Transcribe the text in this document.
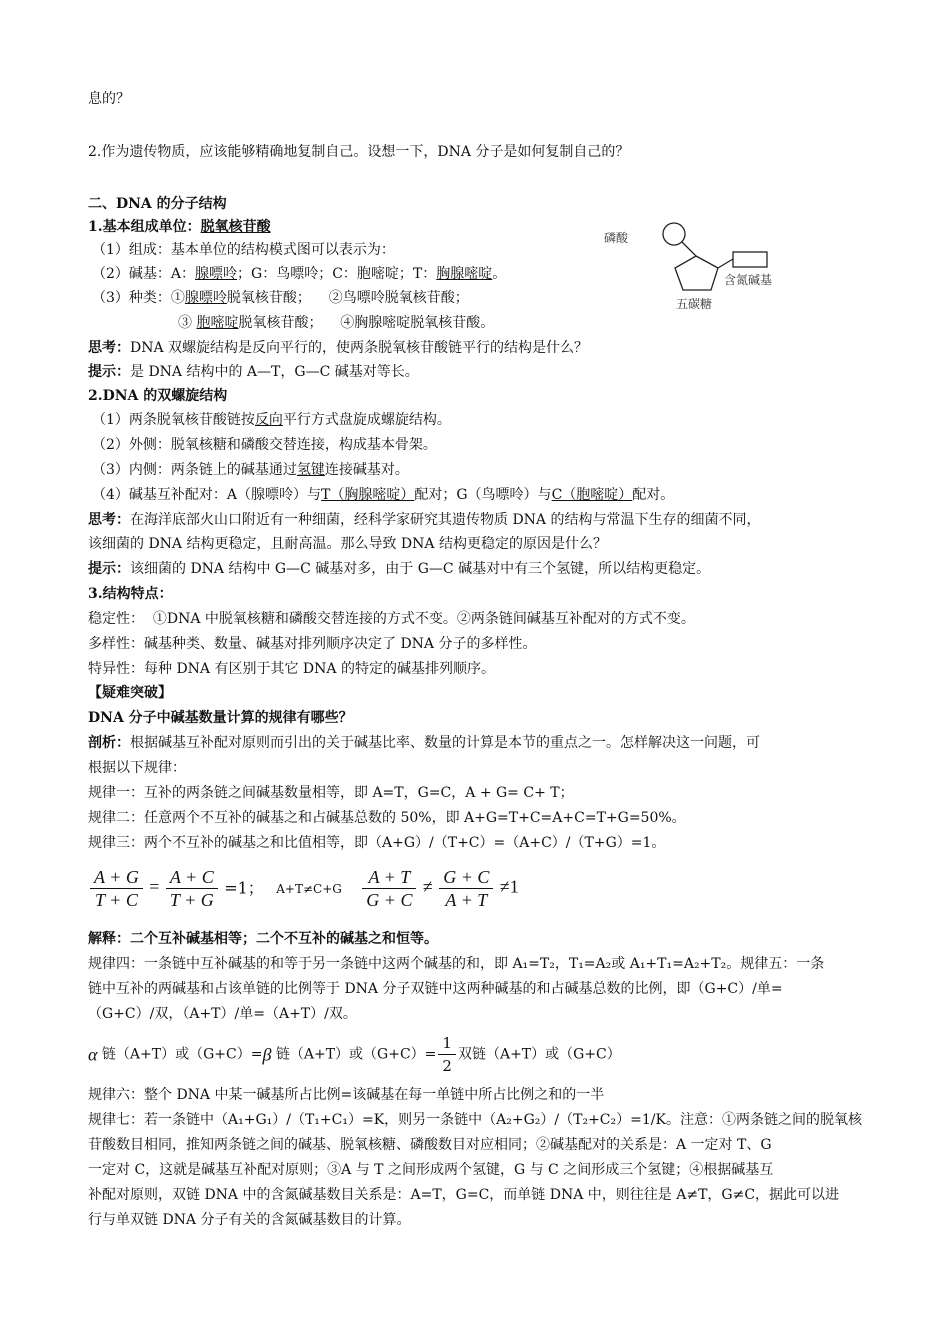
息的？
2.作为遗传物质，应该能够精确地复制自己。设想一下，DNA 分子是如何复制自己的？
二、DNA 的分子结构
1.基本组成单位：脱氧核苷酸
（1）组成：基本单位的结构模式图可以表示为：
（2）碱基：A：腺嘌呤；G：鸟嘌呤；C：胞嘧啶；T：胸腺嘧啶。
（3）种类：①腺嘌呤脱氧核苷酸；    ②鸟嘌呤脱氧核苷酸；
③ 胞嘧啶脱氧核苷酸；    ④胸腺嘧啶脱氧核苷酸。
磷酸
五碳糖
含氮碱基
思考：DNA 双螺旋结构是反向平行的，使两条脱氧核苷酸链平行的结构是什么？
提示：是 DNA 结构中的 A—T，G—C 碱基对等长。
2.DNA 的双螺旋结构
（1）两条脱氧核苷酸链按反向平行方式盘旋成螺旋结构。
（2）外侧：脱氧核糖和磷酸交替连接，构成基本骨架。
（3）内侧：两条链上的碱基通过氢键连接碱基对。
（4）碱基互补配对：A（腺嘌呤）与T（胸腺嘧啶）配对；G（鸟嘌呤）与C（胞嘧啶）配对。
思考：在海洋底部火山口附近有一种细菌，经科学家研究其遗传物质 DNA 的结构与常温下生存的细菌不同，
该细菌的 DNA 结构更稳定，且耐高温。那么导致 DNA 结构更稳定的原因是什么？
提示：该细菌的 DNA 结构中 G—C 碱基对多，由于 G—C 碱基对中有三个氢键，所以结构更稳定。
3.结构特点：
稳定性：  ①DNA 中脱氧核糖和磷酸交替连接的方式不变。②两条链间碱基互补配对的方式不变。
多样性：碱基种类、数量、碱基对排列顺序决定了 DNA 分子的多样性。
特异性：每种 DNA 有区别于其它 DNA 的特定的碱基排列顺序。
【疑难突破】
DNA 分子中碱基数量计算的规律有哪些？
剖析：根据碱基互补配对原则而引出的关于碱基比率、数量的计算是本节的重点之一。怎样解决这一问题，可
根据以下规律：
规律一：互补的两条链之间碱基数量相等，即 A=T，G=C，A + G= C+ T；
规律二：任意两个不互补的碱基之和占碱基总数的 50%，即 A+G=T+C=A+C=T+G=50%。
规律三：两个不互补的碱基之和比值相等，即（A+G）/（T+C）=（A+C）/（T+G）=1。
$\frac{A + G}{T + C} = \frac{A + C}{T + G} =1$； $A+T\ne C+G \frac{A + T}{G + C} \ne \frac{G + C}{A + T} \ne 1$
解释：二个互补碱基相等；二个不互补的碱基之和恒等。
规律四：一条链中互补碱基的和等于另一条链中这两个碱基的和，即 A₁=T₂，T₁=A₂或 A₁+T₁=A₂+T₂。规律五：一条
链中互补的两碱基和占该单链的比例等于 DNA 分子双链中这两种碱基的和占碱基总数的比例，即（G+C）/单=
（G+C）/双，（A+T）/单=（A+T）/双。
α 链（A+T）或（G+C）=β 链（A+T）或$(G+C)= \frac{1}{2}$ 双链（A+T）或（G+C）
规律六：整个 DNA 中某一碱基所占比例=该碱基在每一单链中所占比例之和的一半
规律七：若一条链中（A₁+G₁）/（T₁+C₁）=K，则另一条链中（A₂+G₂）/（T₂+C₂）=1/K。注意：①两条链之间的脱氧核
苷酸数目相同，推知两条链之间的碱基、脱氧核糖、磷酸数目对应相同；②碱基配对的关系是：A 一定对 T、G
一定对 C，这就是碱基互补配对原则；③A 与 T 之间形成两个氢键，G 与 C 之间形成三个氢键；④根据碱基互
补配对原则，双链 DNA 中的含氮碱基数目关系是：A=T，G=C，而单链 DNA 中，则往往是 A≠T，G≠C，据此可以进
行与单双链 DNA 分子有关的含氮碱基数目的计算。
